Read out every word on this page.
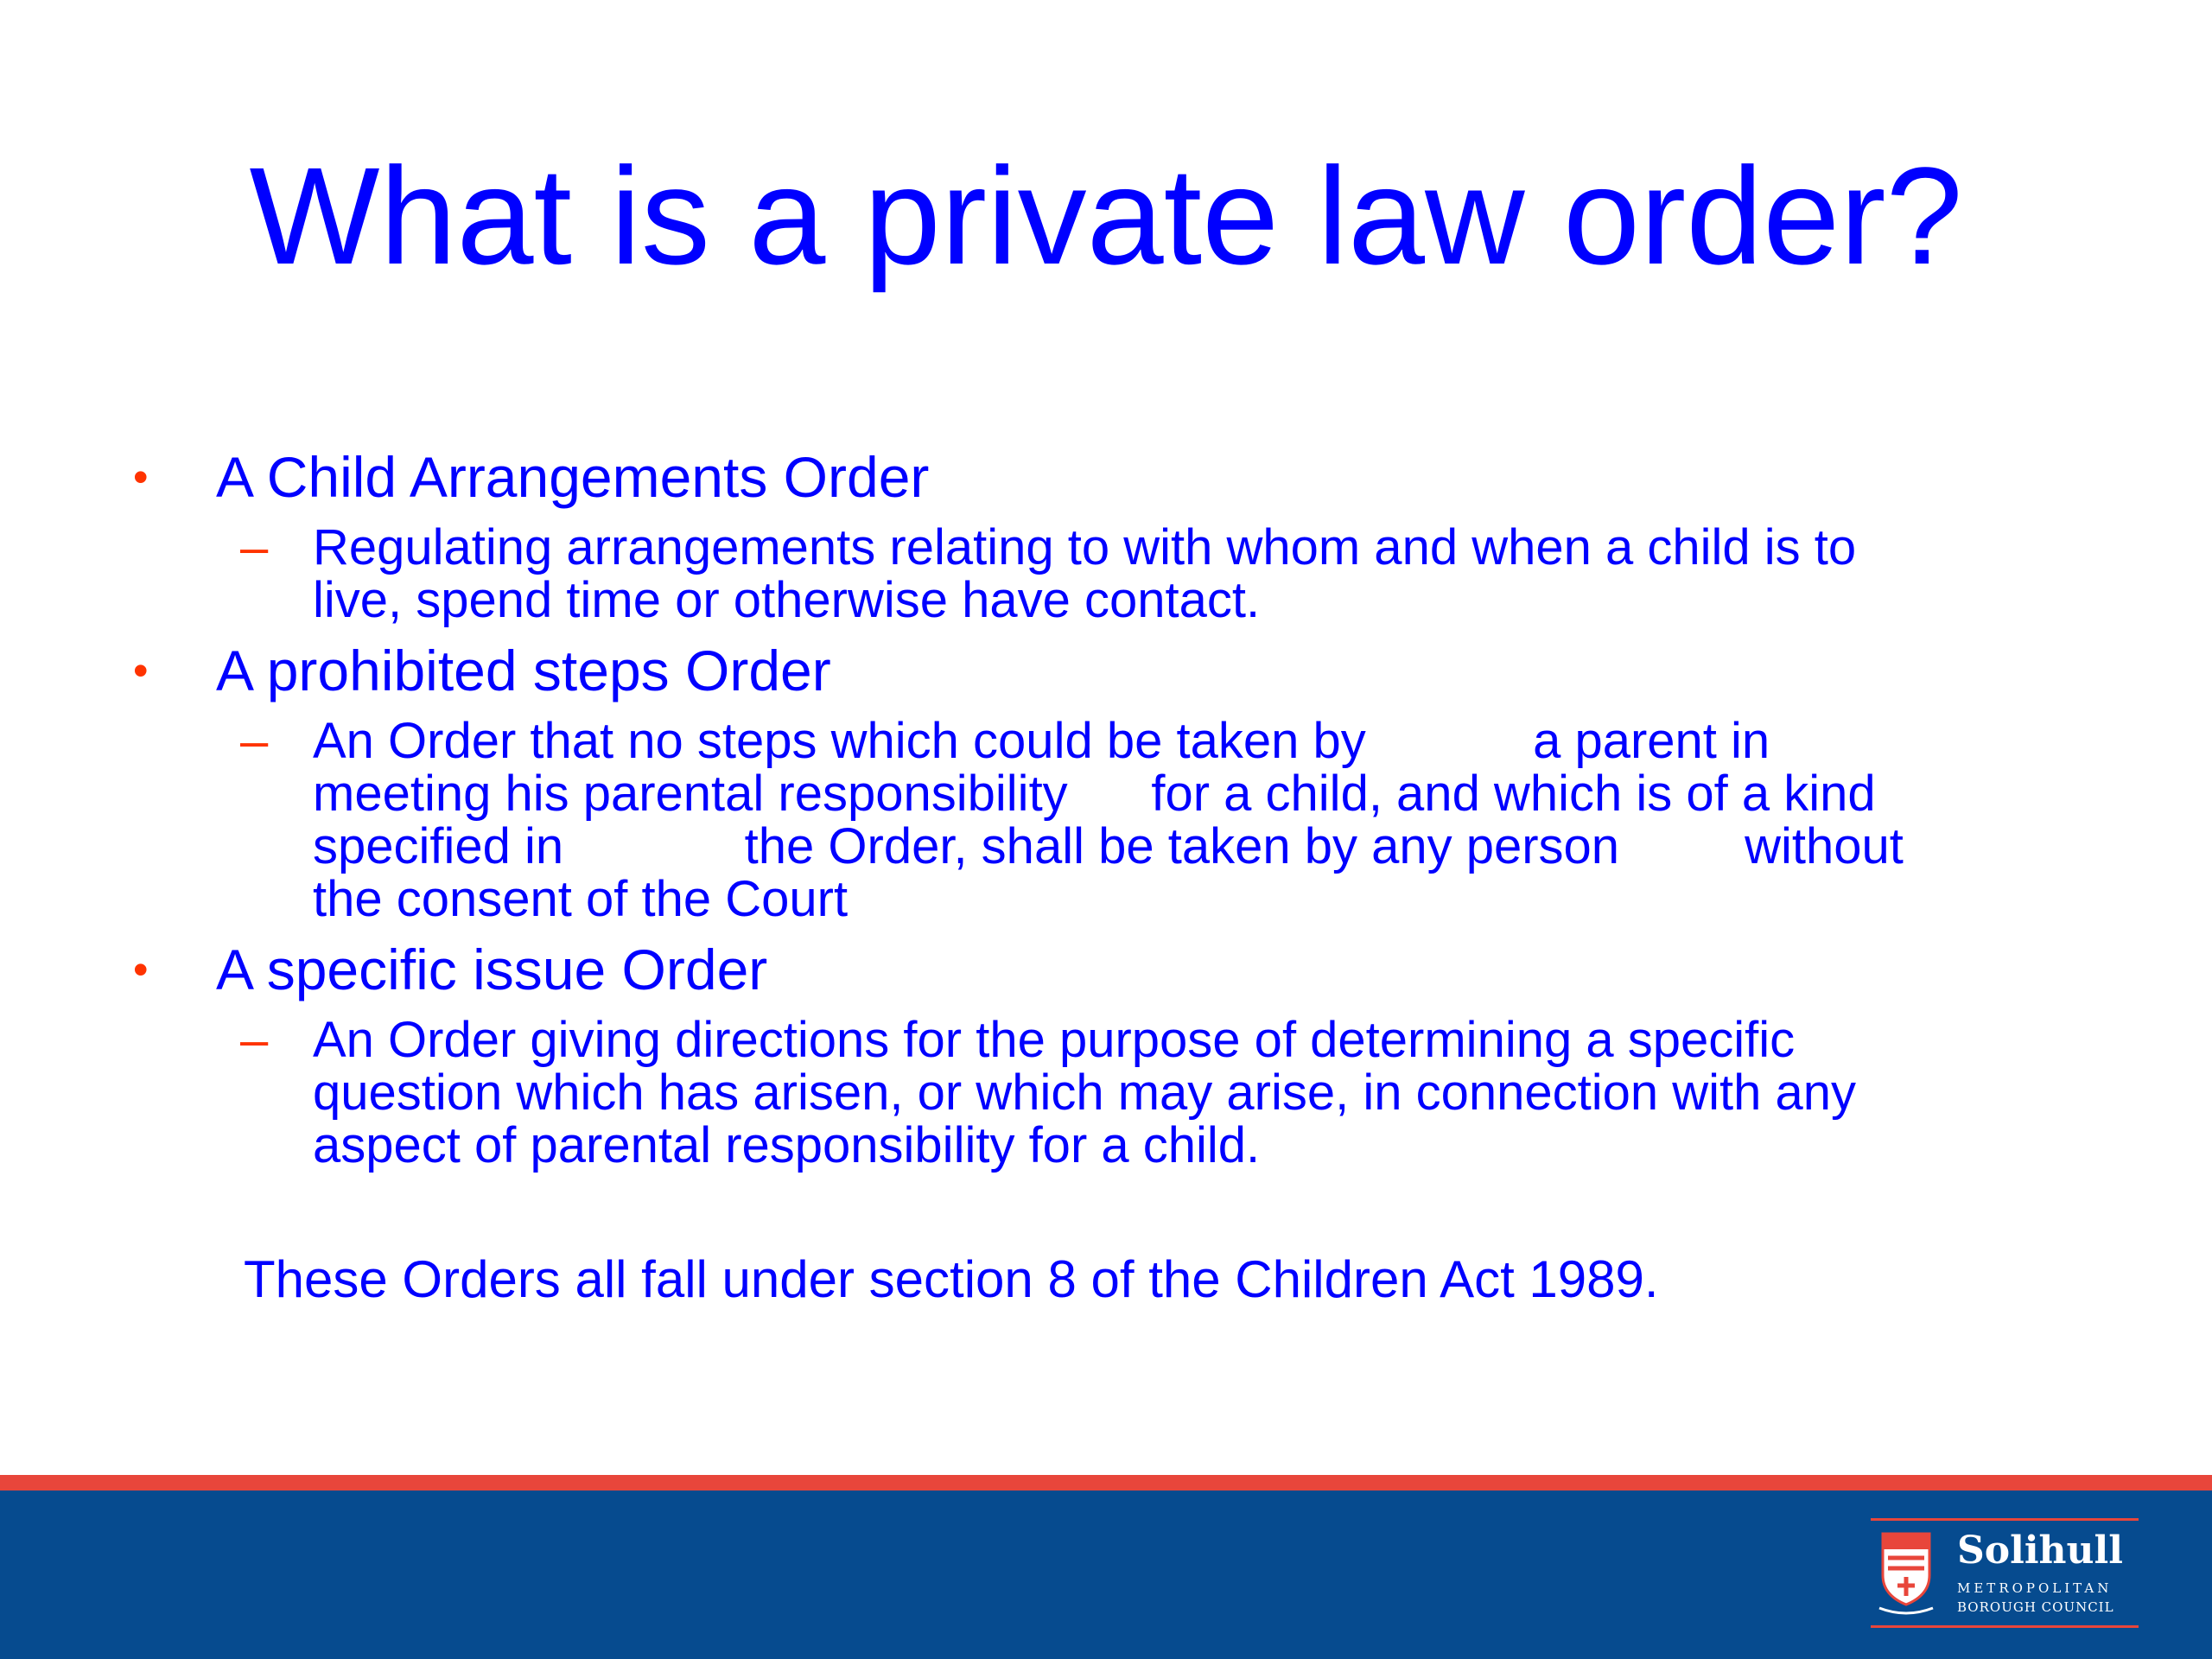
What is a private law order?
• A Child Arrangements Order
– Regulating arrangements relating to with whom and when a child is to
live, spend time or otherwise have contact.
• A prohibited steps Order
– An Order that no steps which could be taken by            a parent in
meeting his parental responsibility      for a child, and which is of a kind
specified in             the Order, shall be taken by any person         without
the consent of the Court
• A specific issue Order
– An Order giving directions for the purpose of determining a specific
question which has arisen, or which may arise, in connection with any
aspect of parental responsibility for a child.
These Orders all fall under section 8 of the Children Act 1989.
Solihull
METROPOLITAN
BOROUGH COUNCIL
